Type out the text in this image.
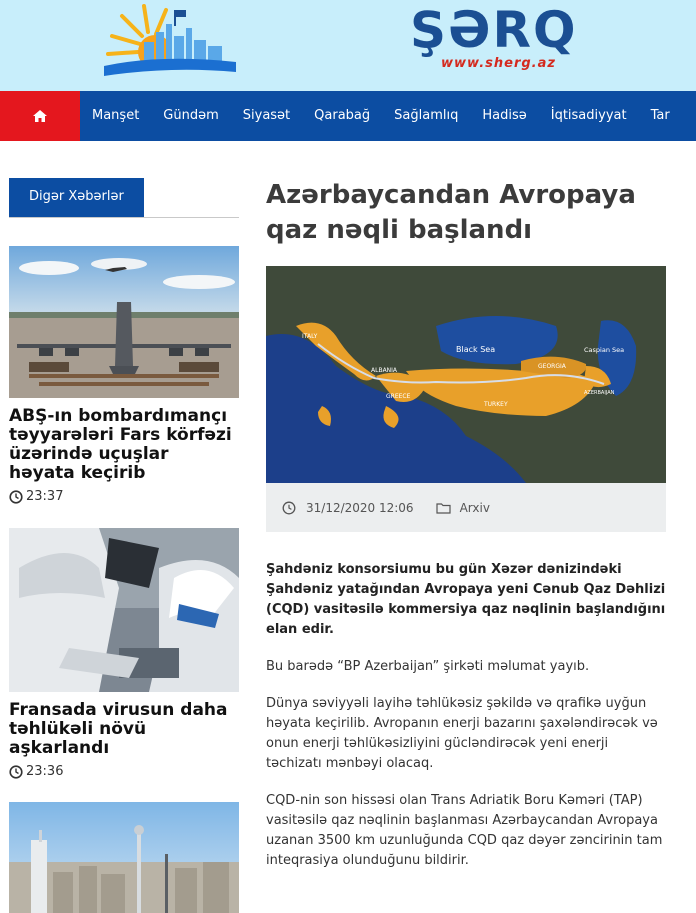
ŞƏRQ
www.sherg.az
Manşet	Gündəm	Siyasət	Qarabağ	Sağlamlıq	Hadisə	İqtisadiyyat	Tar
Digər Xəbərlər
ABŞ-ın bombardımançı təyyarələri Fars körfəzi üzərində uçuşlar həyata keçirib
23:37
Fransada virusun daha təhlükəli növü aşkarlandı
23:36
Azərbaycandan Avropaya qaz nəqli başlandı
ITALY
ALBANIA
GREECE
TURKEY
Black Sea
GEORGIA
AZERBAIJAN
Caspian Sea
31/12/2020 12:06	Arxiv

Şahdəniz konsorsiumu bu gün Xəzər dənizindəki Şahdəniz yatağından Avropaya yeni Cənub Qaz Dəhlizi (CQD) vasitəsilə kommersiya qaz nəqlinin başlandığını elan edir.

Bu barədə “BP Azerbaijan” şirkəti məlumat yayıb.

Dünya səviyyəli layihə təhlükəsiz şəkildə və qrafikə uyğun həyata keçirilib. Avropanın enerji bazarını şaxələndirəcək və onun enerji təhlükəsizliyini gücləndirəcək yeni enerji təchizatı mənbəyi olacaq.

CQD-nin son hissəsi olan Trans Adriatik Boru Kəməri (TAP) vasitəsilə qaz nəqlinin başlanması Azərbaycandan Avropaya uzanan 3500 km uzunluğunda CQD qaz dəyər zəncirinin tam inteqrasiya olunduğunu bildirir.
